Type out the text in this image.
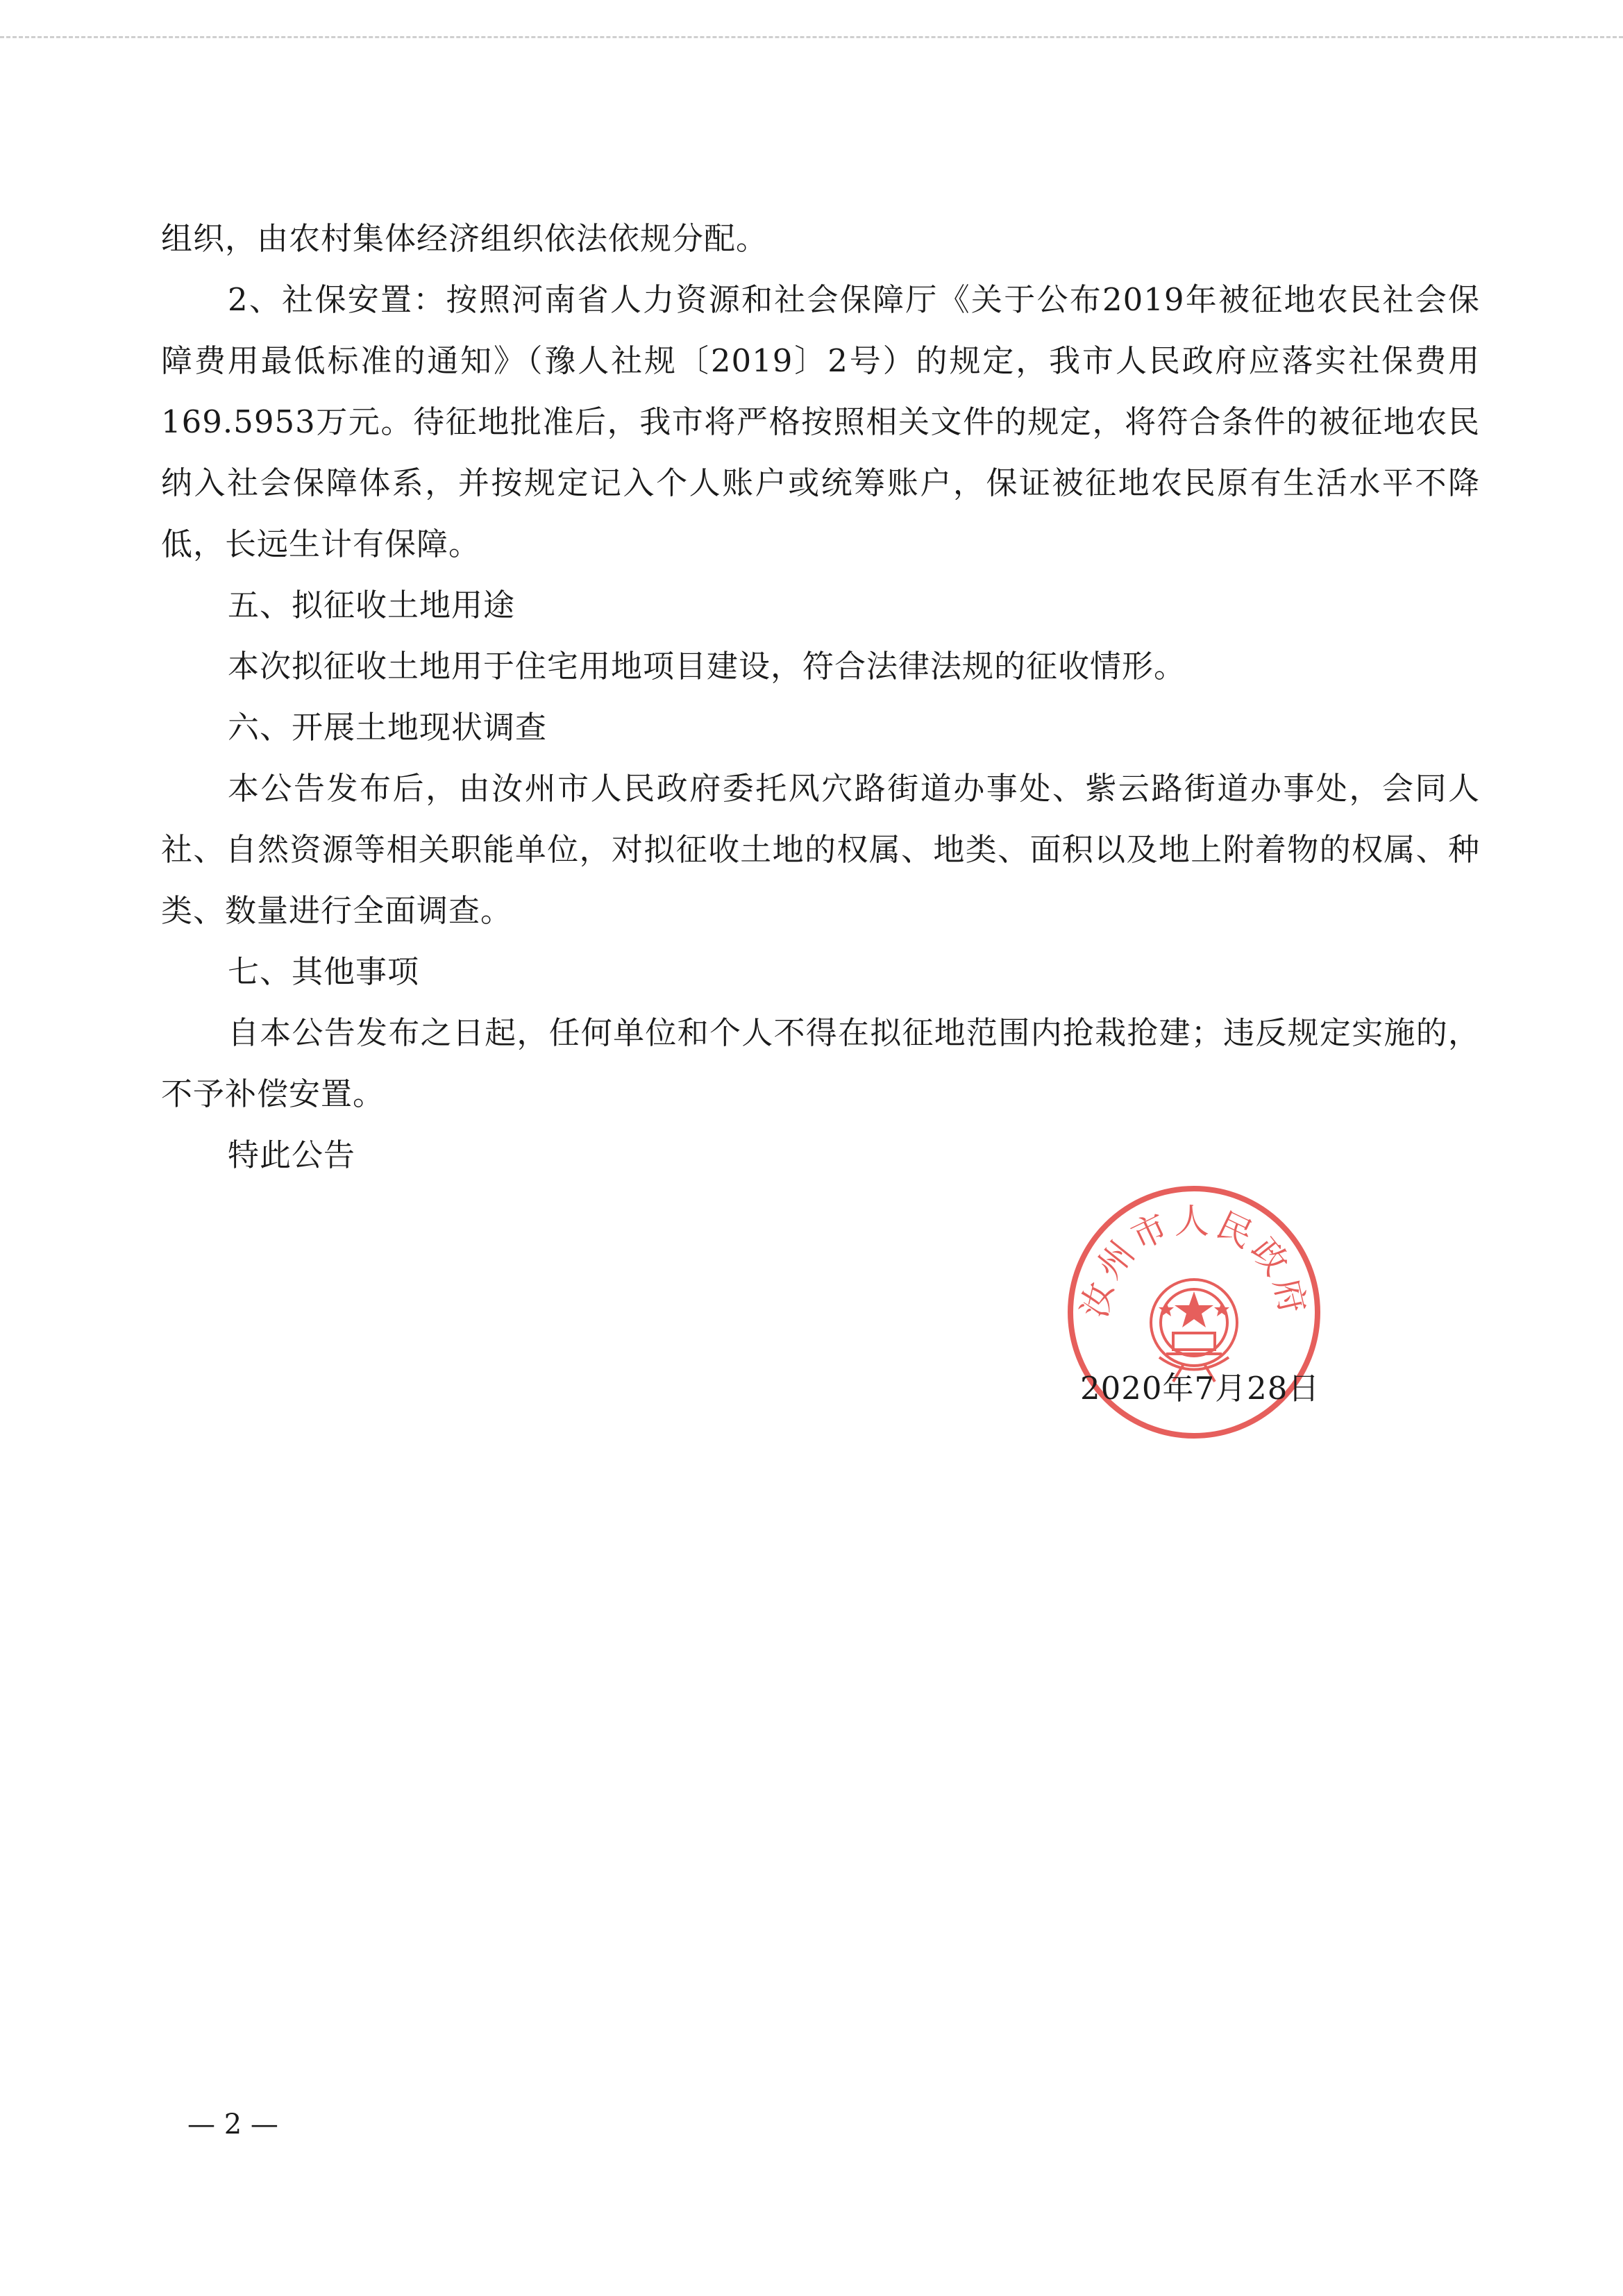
组织，由农村集体经济组织依法依规分配。

2、社保安置：按照河南省人力资源和社会保障厅《关于公布2019年被征地农民社会保障费用最低标准的通知》（豫人社规〔2019〕2号）的规定，我市人民政府应落实社保费用169.5953万元。待征地批准后，我市将严格按照相关文件的规定，将符合条件的被征地农民纳入社会保障体系，并按规定记入个人账户或统筹账户，保证被征地农民原有生活水平不降低，长远生计有保障。

五、拟征收土地用途

本次拟征收土地用于住宅用地项目建设，符合法律法规的征收情形。

六、开展土地现状调查

本公告发布后，由汝州市人民政府委托风穴路街道办事处、紫云路街道办事处，会同人社、自然资源等相关职能单位，对拟征收土地的权属、地类、面积以及地上附着物的权属、种类、数量进行全面调查。

七、其他事项

自本公告发布之日起，任何单位和个人不得在拟征地范围内抢栽抢建；违反规定实施的，不予补偿安置。

特此公告

汝州市人民政府
2020年7月28日
— 2 —
